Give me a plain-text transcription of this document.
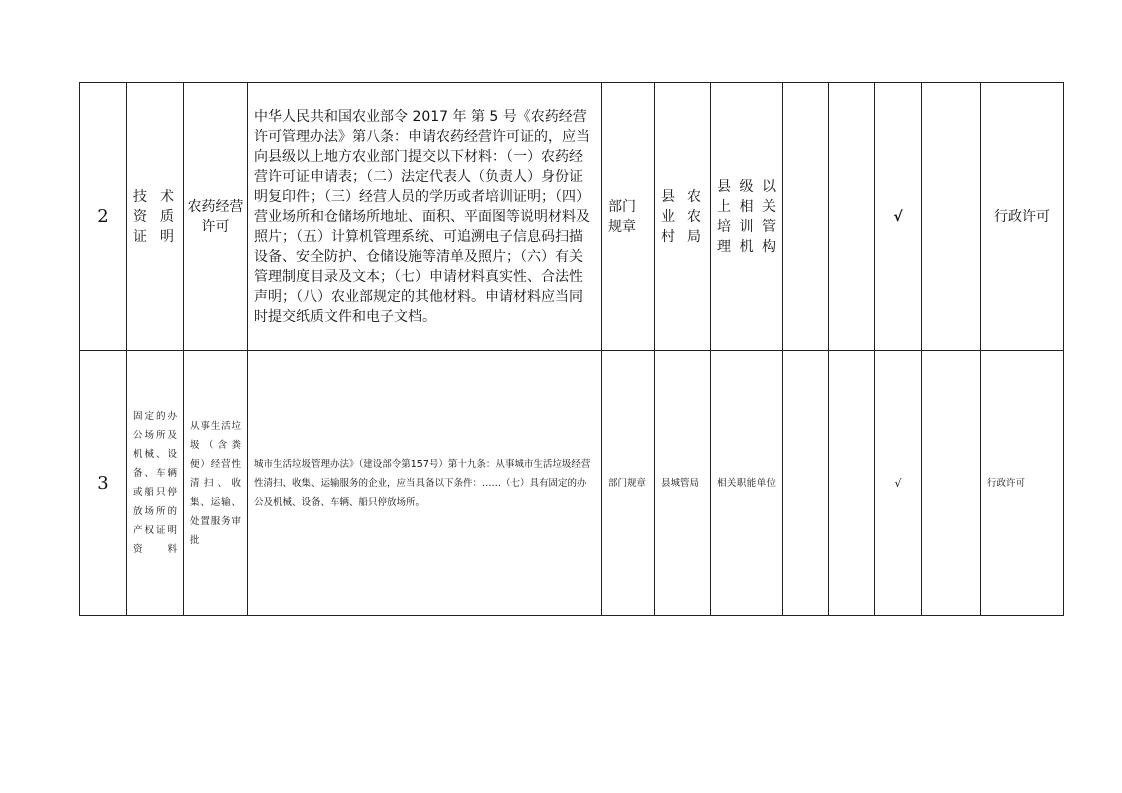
2	技 术 资 质 证明	农药经营许可	中华人民共和国农业部令 2017 年 第 5 号《农药经营许可管理办法》第八条：申请农药经营许可证的，应当向县级以上地方农业部门提交以下材料：（一）农药经营许可证申请表；（二）法定代表人（负责人）身份证明复印件；（三）经营人员的学历或者培训证明；（四）营业场所和仓储场所地址、面积、平面图等说明材料及照片；（五）计算机管理系统、可追溯电子信息码扫描设备、安全防护、仓储设施等清单及照片；（六）有关管理制度目录及文本；（七）申请材料真实性、合法性声明；（八）农业部规定的其他材料。申请材料应当同时提交纸质文件和电子文档。	部门规章	县 农 业 农 村局	县 级 以 上 相 关 培 训 管 理机构			√		行政许可
3	固定的办公场所及机械、设备、车辆或船只停放场所的产权证明资料	从事生活垃圾（含粪便）经营性清扫、收集、运输、处置服务审批	城市生活垃圾管理办法》（建设部令第157号）第十九条：从事城市生活垃圾经营性清扫、收集、运输服务的企业，应当具备以下条件：……（七）具有固定的办公及机械、设备、车辆、船只停放场所。	部门规章	县城管局	相关职能单位			√		行政许可
